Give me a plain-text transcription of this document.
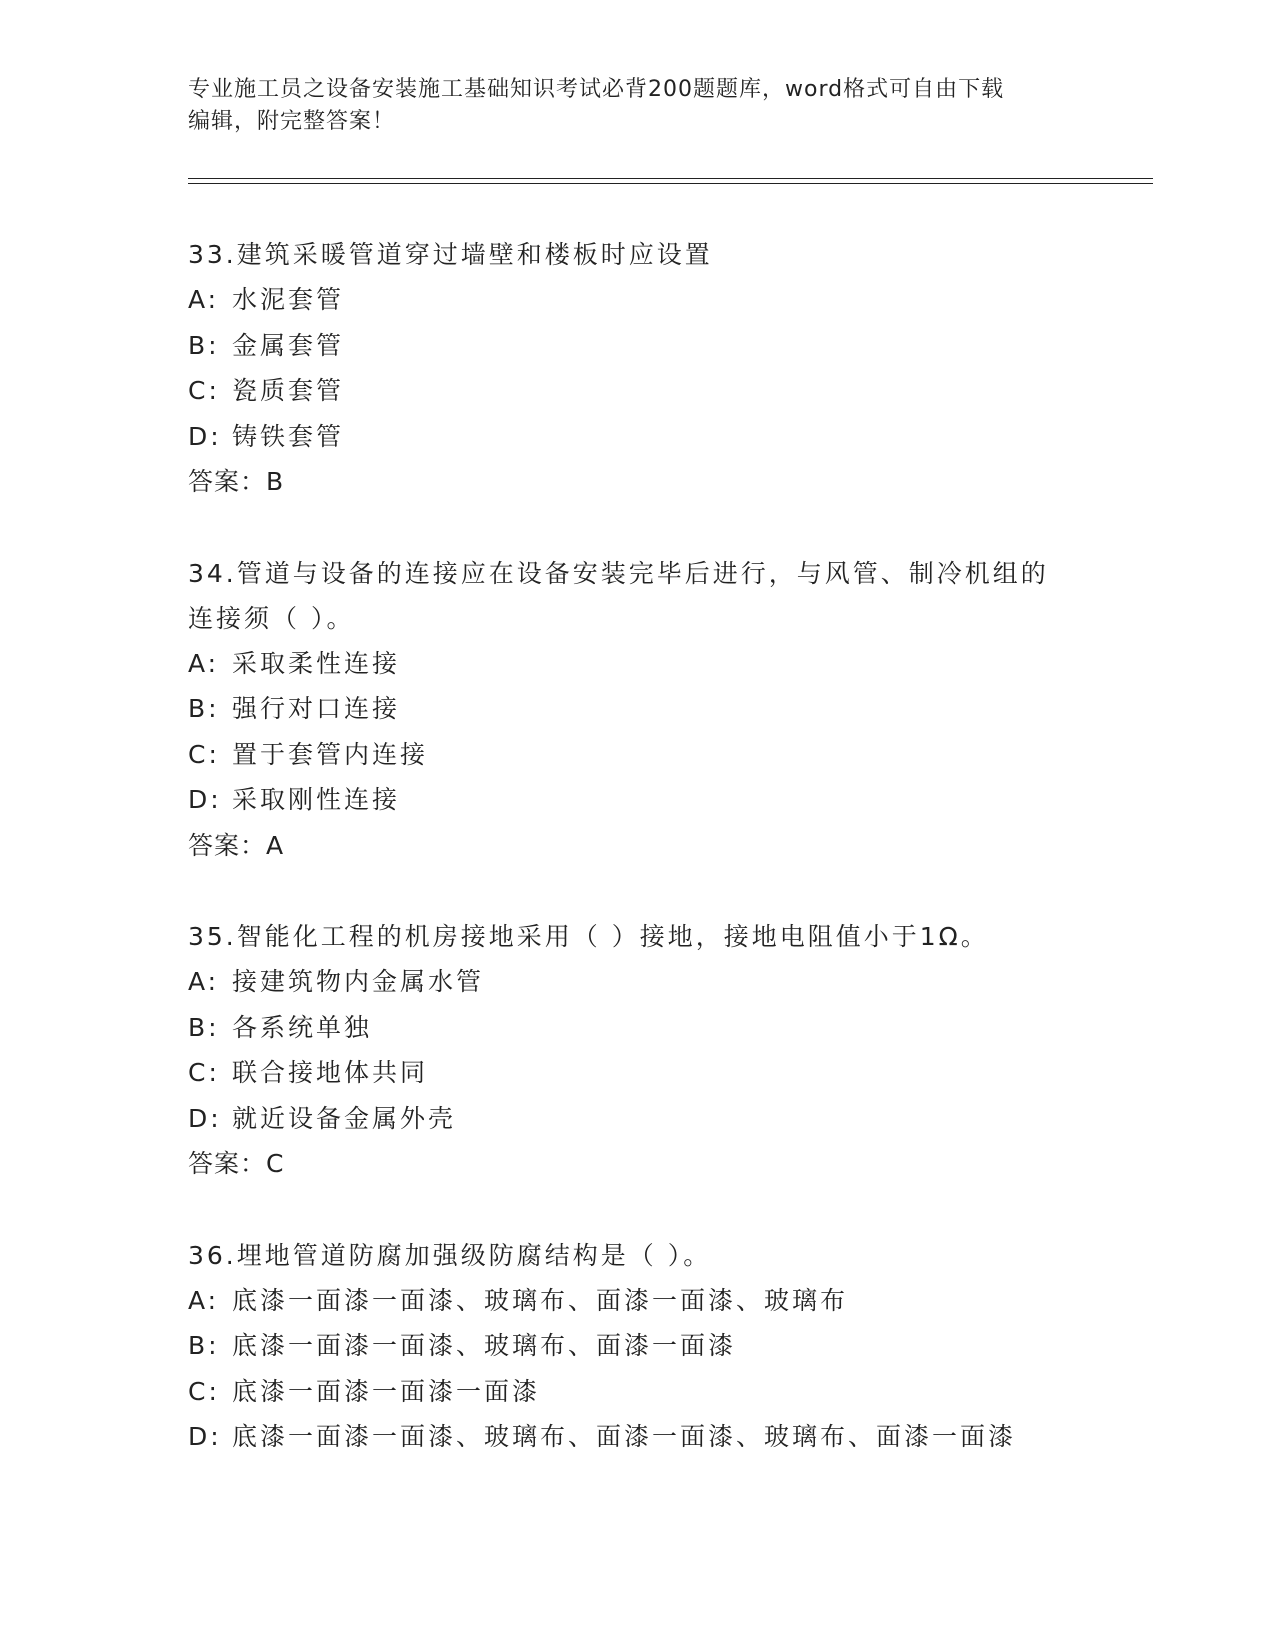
专业施工员之设备安装施工基础知识考试必背200题题库，word格式可自由下载
编辑，附完整答案！

33.建筑采暖管道穿过墙壁和楼板时应设置

A: 水泥套管

B: 金属套管

C: 瓷质套管

D: 铸铁套管

答案：B

34.管道与设备的连接应在设备安装完毕后进行，与风管、制冷机组的
连接须（ ）。

A: 采取柔性连接

B: 强行对口连接

C: 置于套管内连接

D: 采取刚性连接

答案：A

35.智能化工程的机房接地采用（ ）接地，接地电阻值小于1Ω。

A: 接建筑物内金属水管

B: 各系统单独

C: 联合接地体共同

D: 就近设备金属外壳

答案：C

36.埋地管道防腐加强级防腐结构是（ ）。

A: 底漆一面漆一面漆、玻璃布、面漆一面漆、玻璃布

B: 底漆一面漆一面漆、玻璃布、面漆一面漆

C: 底漆一面漆一面漆一面漆

D: 底漆一面漆一面漆、玻璃布、面漆一面漆、玻璃布、面漆一面漆
